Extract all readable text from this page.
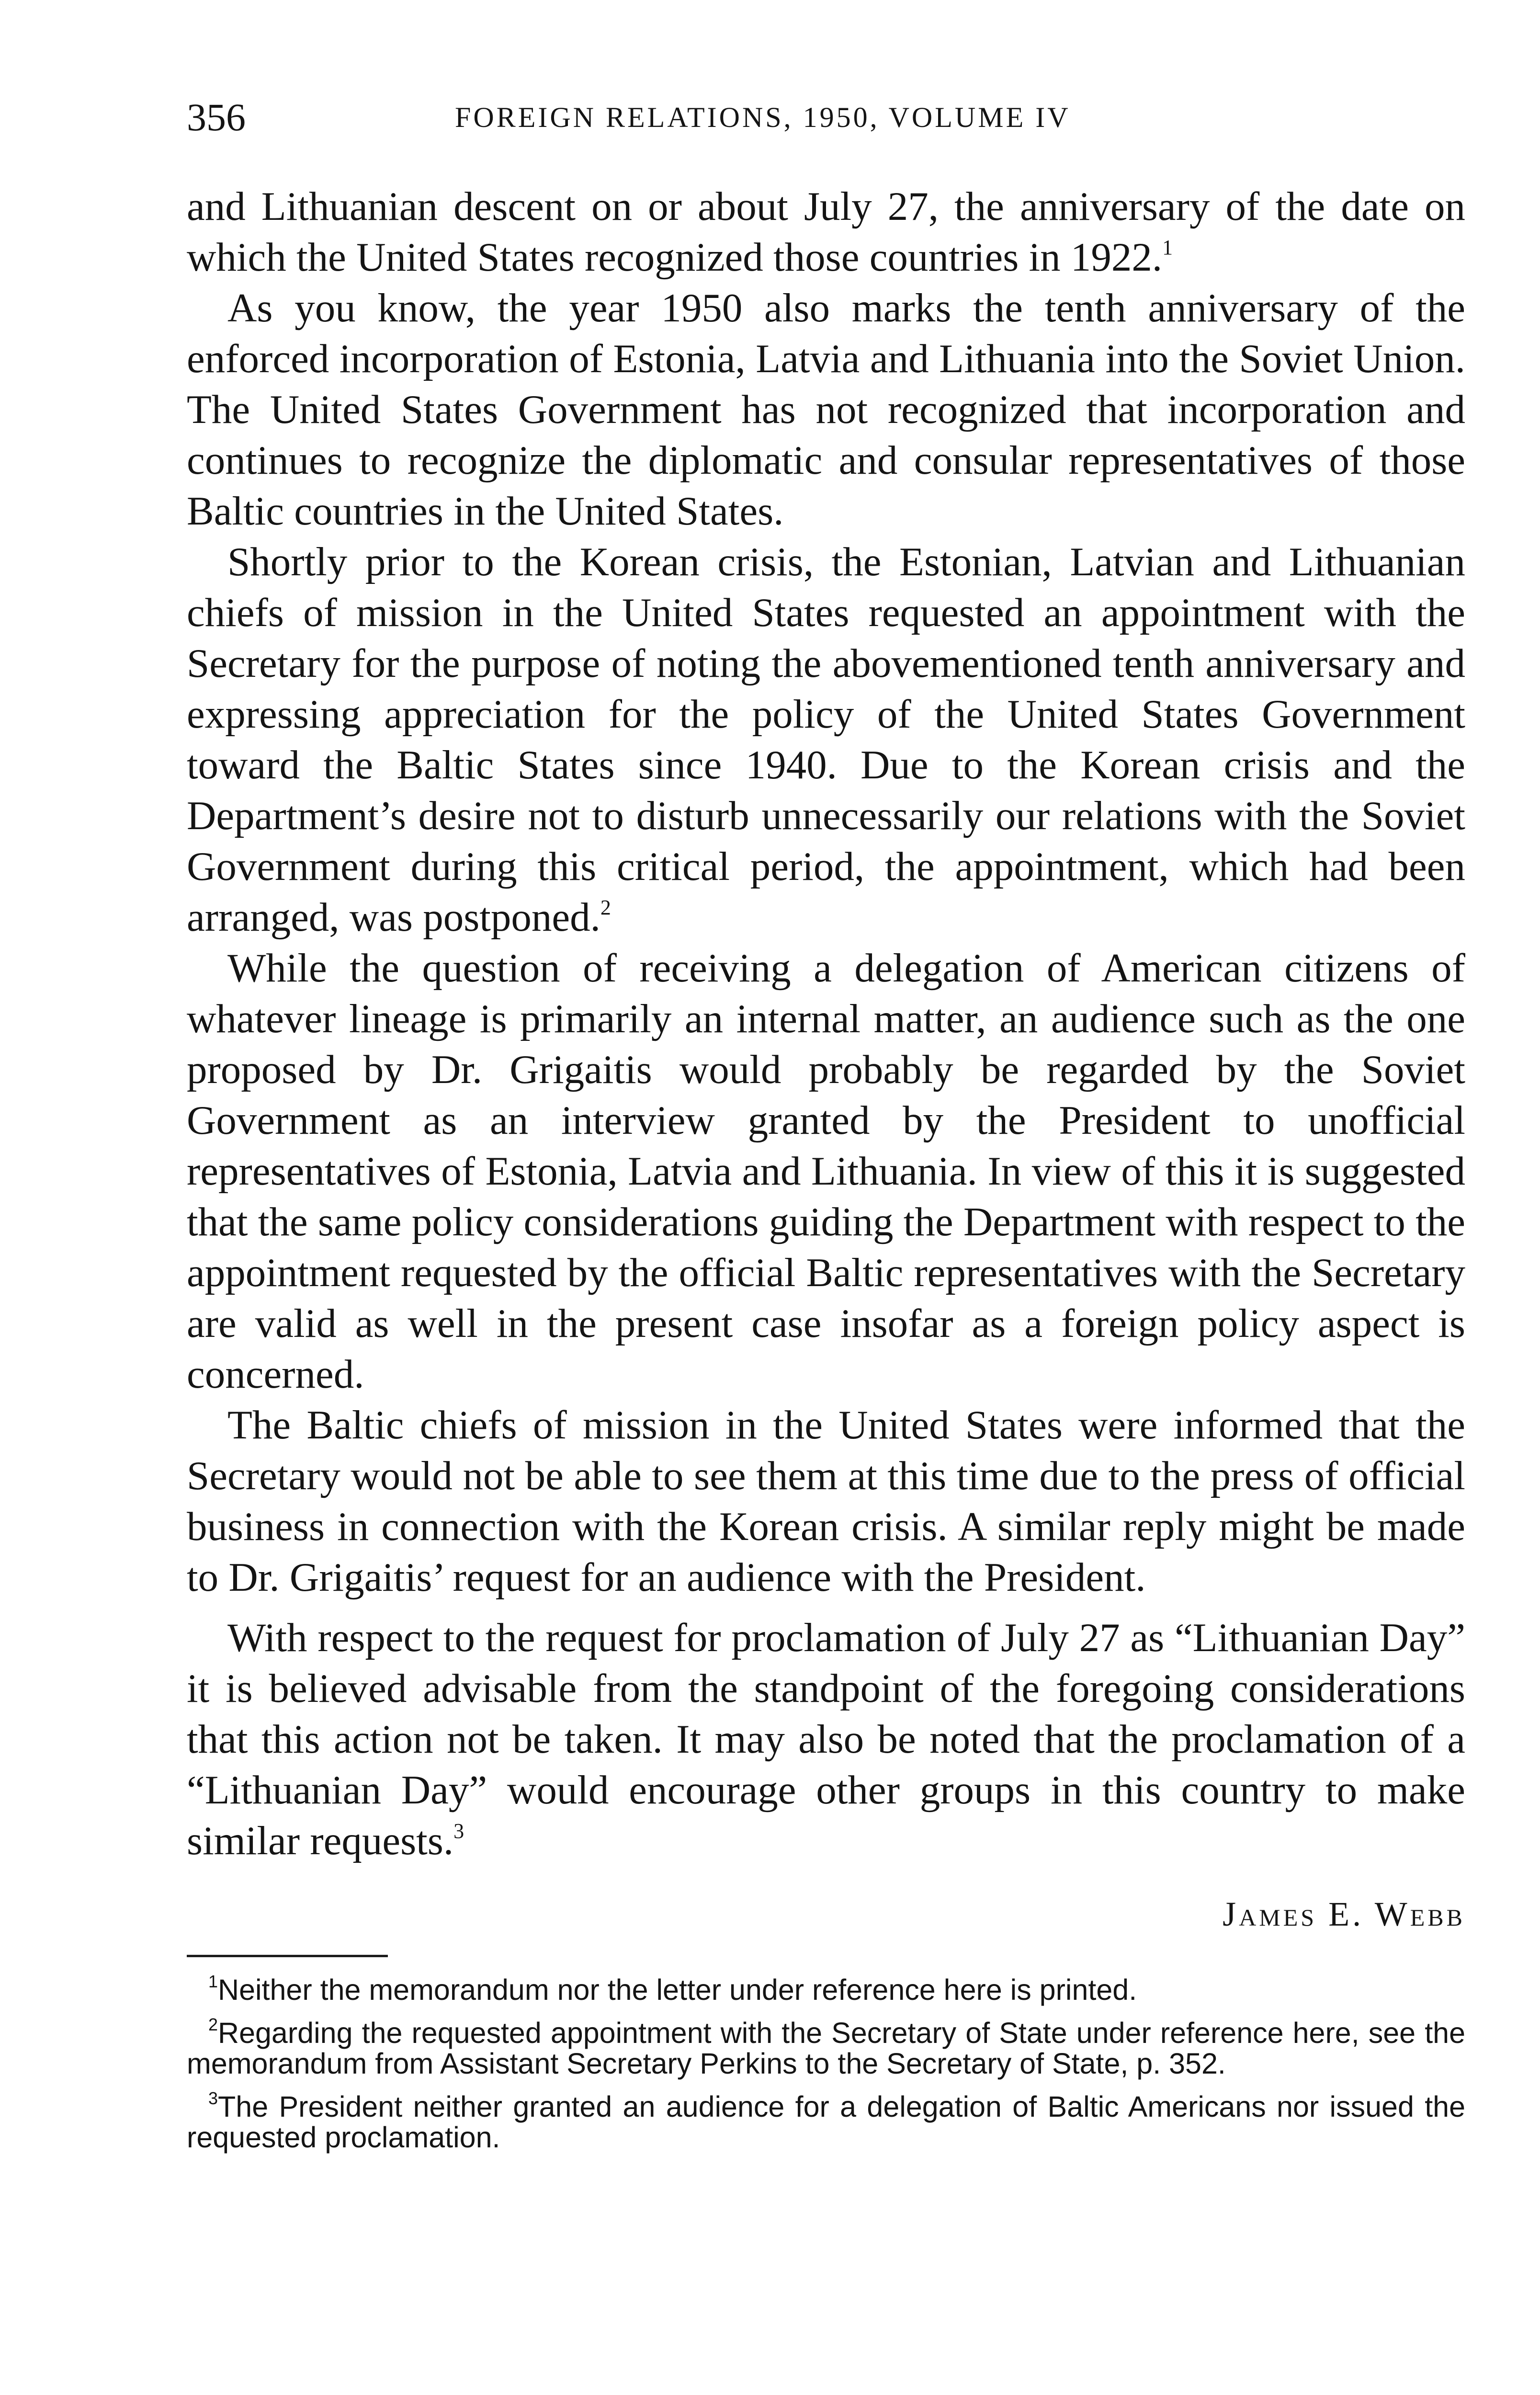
356	FOREIGN RELATIONS, 1950, VOLUME IV

and Lithuanian descent on or about July 27, the anniversary of the date on which the United States recognized those countries in 1922.$^1$

As you know, the year 1950 also marks the tenth anniversary of the enforced incorporation of Estonia, Latvia and Lithuania into the Soviet Union. The United States Government has not recognized that incorporation and continues to recognize the diplomatic and consular representatives of those Baltic countries in the United States.

Shortly prior to the Korean crisis, the Estonian, Latvian and Lithuanian chiefs of mission in the United States requested an appointment with the Secretary for the purpose of noting the abovementioned tenth anniversary and expressing appreciation for the policy of the United States Government toward the Baltic States since 1940. Due to the Korean crisis and the Department’s desire not to disturb unnecessarily our relations with the Soviet Government during this critical period, the appointment, which had been arranged, was postponed.$^2$

While the question of receiving a delegation of American citizens of whatever lineage is primarily an internal matter, an audience such as the one proposed by Dr. Grigaitis would probably be regarded by the Soviet Government as an interview granted by the President to unofficial representatives of Estonia, Latvia and Lithuania. In view of this it is suggested that the same policy considerations guiding the Department with respect to the appointment requested by the official Baltic representatives with the Secretary are valid as well in the present case insofar as a foreign policy aspect is concerned.

The Baltic chiefs of mission in the United States were informed that the Secretary would not be able to see them at this time due to the press of official business in connection with the Korean crisis. A similar reply might be made to Dr. Grigaitis’ request for an audience with the President.

With respect to the request for proclamation of July 27 as “Lithuanian Day” it is believed advisable from the standpoint of the foregoing considerations that this action not be taken. It may also be noted that the proclamation of a “Lithuanian Day” would encourage other groups in this country to make similar requests.$^3$

James E. Webb

$^1$Neither the memorandum nor the letter under reference here is printed.

$^2$Regarding the requested appointment with the Secretary of State under reference here, see the memorandum from Assistant Secretary Perkins to the Secretary of State, p. 352.

$^3$The President neither granted an audience for a delegation of Baltic Americans nor issued the requested proclamation.
